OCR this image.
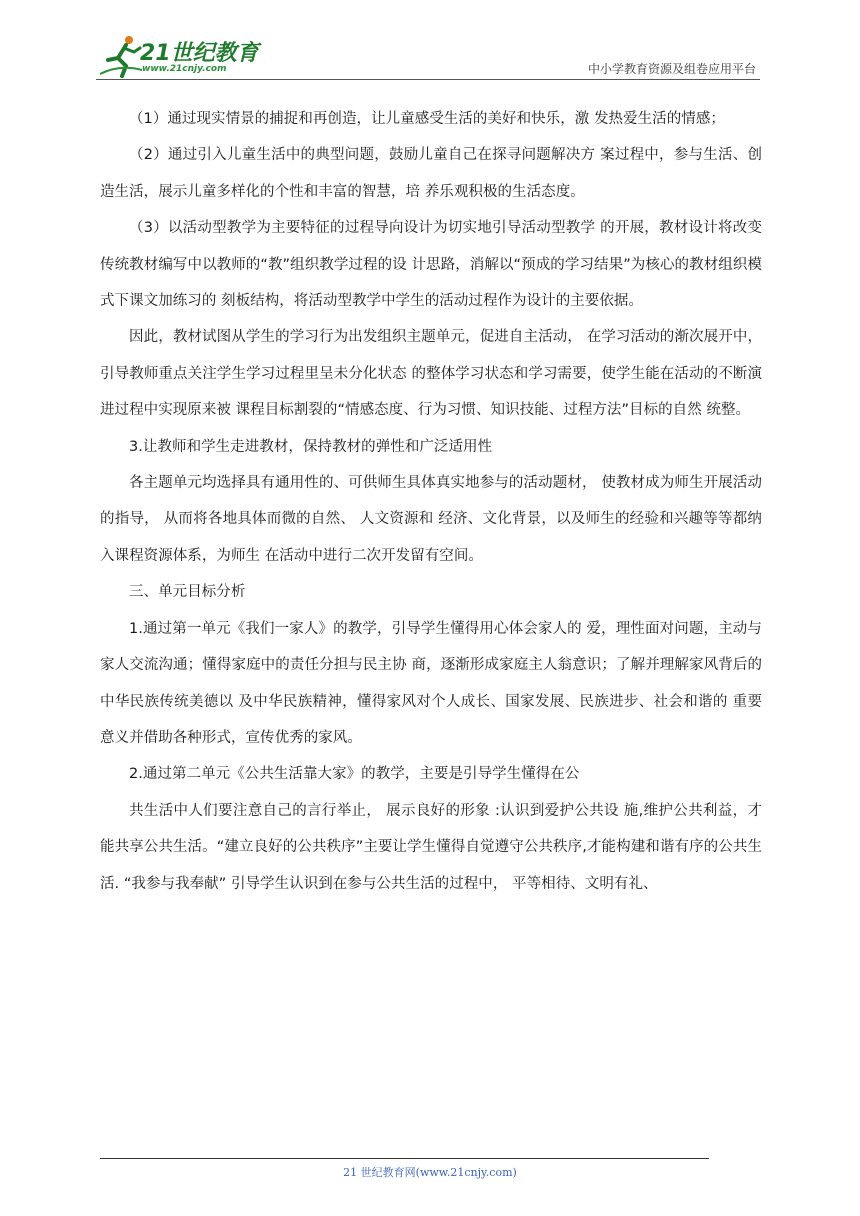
21世纪教育
www.21cnjy.com	中小学教育资源及组卷应用平台

（1）通过现实情景的捕捉和再创造，让儿童感受生活的美好和快乐，激 发热爱生活的情感；

（2）通过引入儿童生活中的典型问题，鼓励儿童自己在探寻问题解决方 案过程中，参与生活、创造生活，展示儿童多样化的个性和丰富的智慧，培 养乐观积极的生活态度。

（3）以活动型教学为主要特征的过程导向设计为切实地引导活动型教学 的开展，教材设计将改变传统教材编写中以教师的“教”组织教学过程的设 计思路，消解以“预成的学习结果”为核心的教材组织模式下课文加练习的 刻板结构，将活动型教学中学生的活动过程作为设计的主要依据。

因此，教材试图从学生的学习行为出发组织主题单元，促进自主活动， 在学习活动的渐次展开中，引导教师重点关注学生学习过程里呈未分化状态 的整体学习状态和学习需要，使学生能在活动的不断演进过程中实现原来被 课程目标割裂的“情感态度、行为习惯、知识技能、过程方法”目标的自然 统整。

3.让教师和学生走进教材，保持教材的弹性和广泛适用性

各主题单元均选择具有通用性的、可供师生具体真实地参与的活动题材， 使教材成为师生开展活动的指导， 从而将各地具体而微的自然、 人文资源和 经济、文化背景，以及师生的经验和兴趣等等都纳入课程资源体系，为师生 在活动中进行二次开发留有空间。

三、单元目标分析

1.通过第一单元《我们一家人》的教学，引导学生懂得用心体会家人的 爱，理性面对问题，主动与家人交流沟通；懂得家庭中的责任分担与民主协 商，逐渐形成家庭主人翁意识；了解并理解家风背后的中华民族传统美德以 及中华民族精神，懂得家风对个人成长、国家发展、民族进步、社会和谐的 重要意义并借助各种形式，宣传优秀的家风。

2.通过第二单元《公共生活靠大家》的教学，主要是引导学生懂得在公

共生活中人们要注意自己的言行举止， 展示良好的形象 :认识到爱护公共设 施,维护公共利益，才能共享公共生活。“建立良好的公共秩序”主要让学生懂得自觉遵守公共秩序,才能构建和谐有序的公共生活. “我参与我奉献” 引导学生认识到在参与公共生活的过程中， 平等相待、文明有礼、

21 世纪教育网(www.21cnjy.com)
